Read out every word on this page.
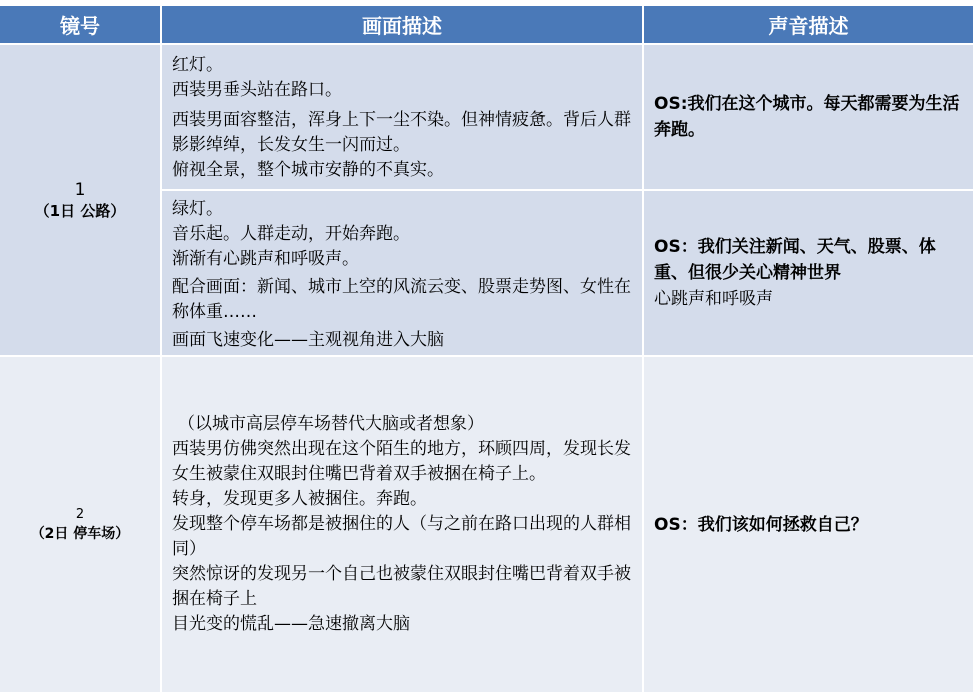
镜号	画面描述	声音描述
1
（1日 公路）

红灯。

西装男垂头站在路口。

西装男面容整洁，浑身上下一尘不染。但神情疲惫。背后人群影影绰绰，长发女生一闪而过。

俯视全景，整个城市安静的不真实。

OS:我们在这个城市。每天都需要为生活奔跑。

绿灯。

音乐起。人群走动，开始奔跑。

渐渐有心跳声和呼吸声。

配合画面：新闻、城市上空的风流云变、股票走势图、女性在称体重……

画面飞速变化——主观视角进入大脑

OS：我们关注新闻、天气、股票、体重、但很少关心精神世界

心跳声和呼吸声

2
（2日 停车场）

（以城市高层停车场替代大脑或者想象）

西装男仿佛突然出现在这个陌生的地方，环顾四周，发现长发女生被蒙住双眼封住嘴巴背着双手被捆在椅子上。

转身，发现更多人被捆住。奔跑。

发现整个停车场都是被捆住的人（与之前在路口出现的人群相同）

突然惊讶的发现另一个自己也被蒙住双眼封住嘴巴背着双手被捆在椅子上

目光变的慌乱——急速撤离大脑

OS：我们该如何拯救自己？
